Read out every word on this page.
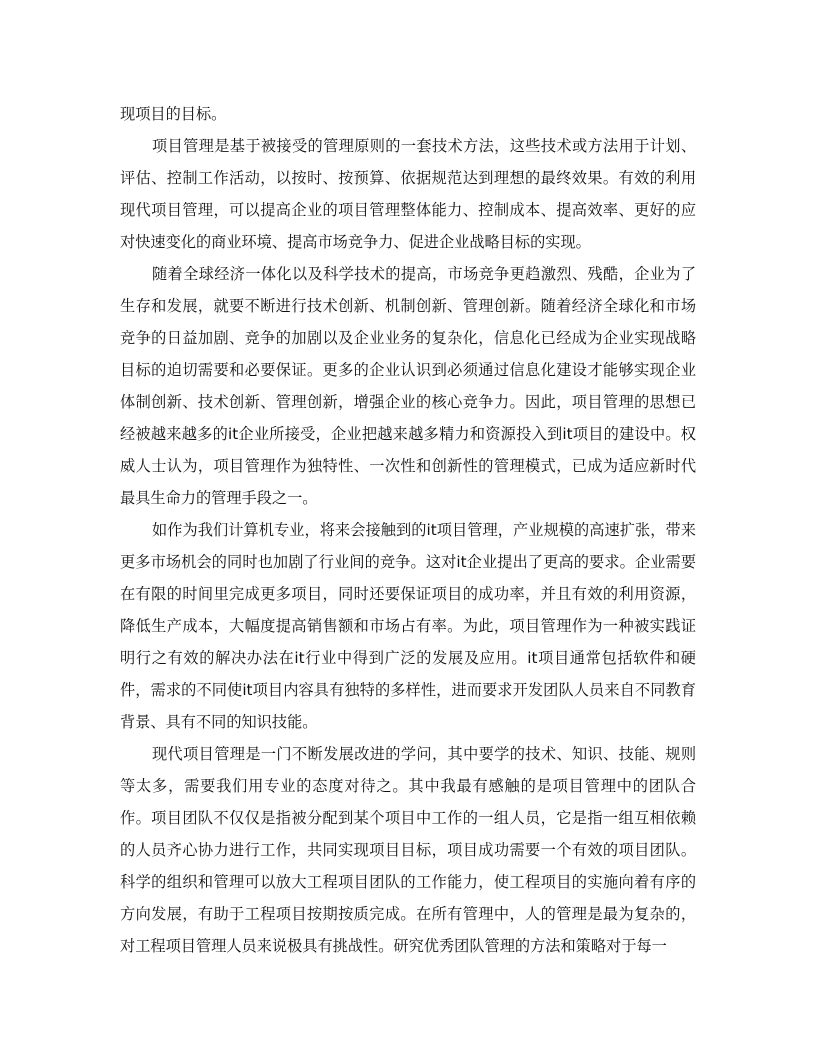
现项目的目标。

项目管理是基于被接受的管理原则的一套技术方法，这些技术或方法用于计划、评估、控制工作活动，以按时、按预算、依据规范达到理想的最终效果。有效的利用现代项目管理，可以提高企业的项目管理整体能力、控制成本、提高效率、更好的应对快速变化的商业环境、提高市场竞争力、促进企业战略目标的实现。

随着全球经济一体化以及科学技术的提高，市场竞争更趋激烈、残酷，企业为了生存和发展，就要不断进行技术创新、机制创新、管理创新。随着经济全球化和市场竞争的日益加剧、竞争的加剧以及企业业务的复杂化，信息化已经成为企业实现战略目标的迫切需要和必要保证。更多的企业认识到必须通过信息化建设才能够实现企业体制创新、技术创新、管理创新，增强企业的核心竞争力。因此，项目管理的思想已经被越来越多的it企业所接受，企业把越来越多精力和资源投入到it项目的建设中。权威人士认为，项目管理作为独特性、一次性和创新性的管理模式，已成为适应新时代最具生命力的管理手段之一。

如作为我们计算机专业，将来会接触到的it项目管理，产业规模的高速扩张，带来更多市场机会的同时也加剧了行业间的竞争。这对it企业提出了更高的要求。企业需要在有限的时间里完成更多项目，同时还要保证项目的成功率，并且有效的利用资源，降低生产成本，大幅度提高销售额和市场占有率。为此，项目管理作为一种被实践证明行之有效的解决办法在it行业中得到广泛的发展及应用。it项目通常包括软件和硬件，需求的不同使it项目内容具有独特的多样性，进而要求开发团队人员来自不同教育背景、具有不同的知识技能。

现代项目管理是一门不断发展改进的学问，其中要学的技术、知识、技能、规则等太多，需要我们用专业的态度对待之。其中我最有感触的是项目管理中的团队合作。项目团队不仅仅是指被分配到某个项目中工作的一组人员，它是指一组互相依赖的人员齐心协力进行工作，共同实现项目目标，项目成功需要一个有效的项目团队。科学的组织和管理可以放大工程项目团队的工作能力，使工程项目的实施向着有序的方向发展，有助于工程项目按期按质完成。在所有管理中，人的管理是最为复杂的，对工程项目管理人员来说极具有挑战性。研究优秀团队管理的方法和策略对于每一
